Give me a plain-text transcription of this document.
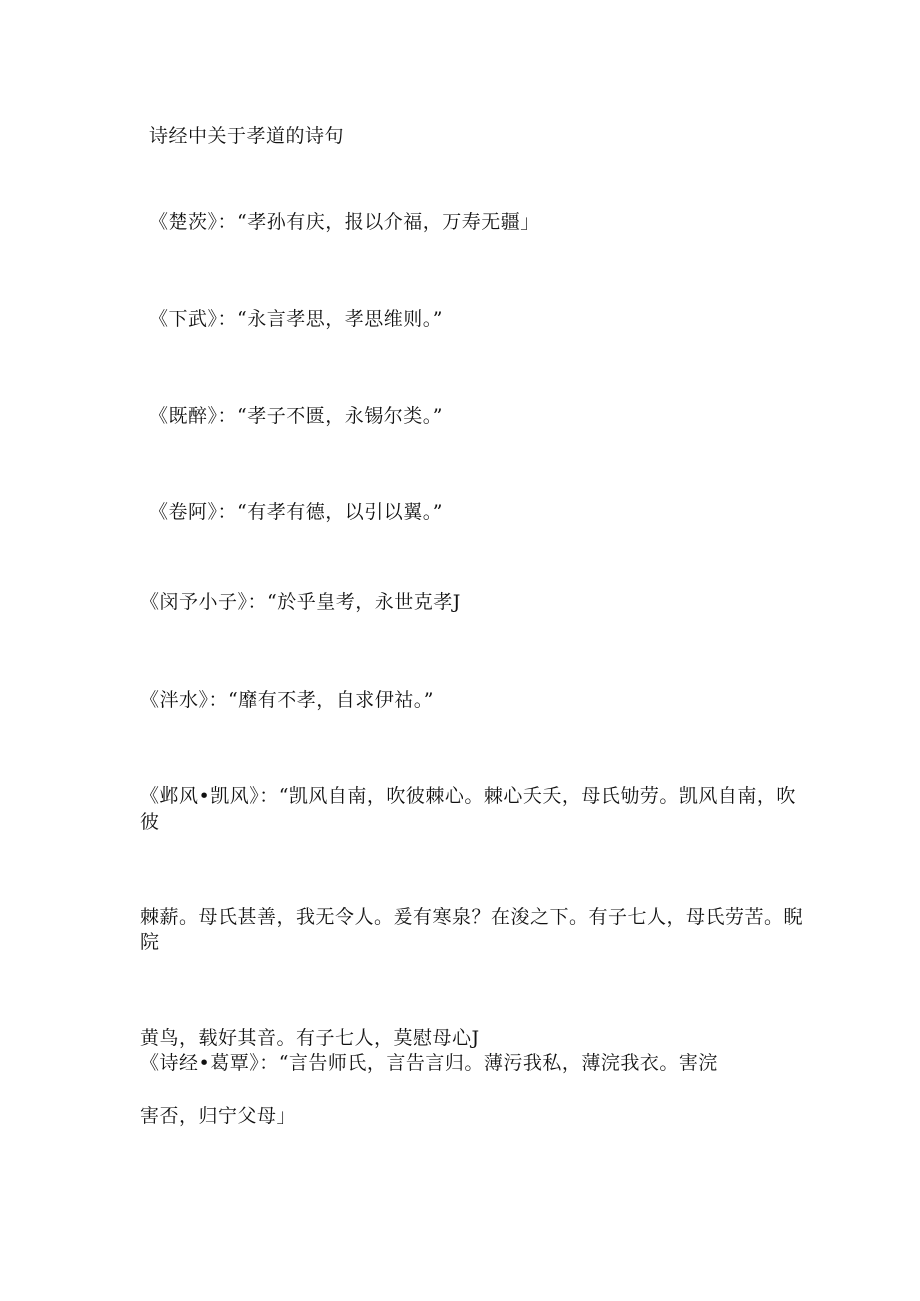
诗经中关于孝道的诗句
《楚茨》：“孝孙有庆，报以介福，万寿无疆」
《下武》：“永言孝思，孝思维则。”
《既醉》：“孝子不匮，永锡尔类。”
《卷阿》：“有孝有德，以引以翼。”
《闵予小子》：“於乎皇考，永世克孝J
《泮水》：“靡有不孝，自求伊祜。”
《邺风•凯风》：“凯风自南，吹彼棘心。棘心夭夭，母氏劬劳。凯风自南，吹
彼
棘薪。母氏甚善，我无令人。爰有寒泉？在浚之下。有子七人，母氏劳苦。睨
院
黄鸟，载好其音。有子七人，莫慰母心J
《诗经•葛覃》：“言告师氏，言告言归。薄污我私，薄浣我衣。害浣
害否，归宁父母」
